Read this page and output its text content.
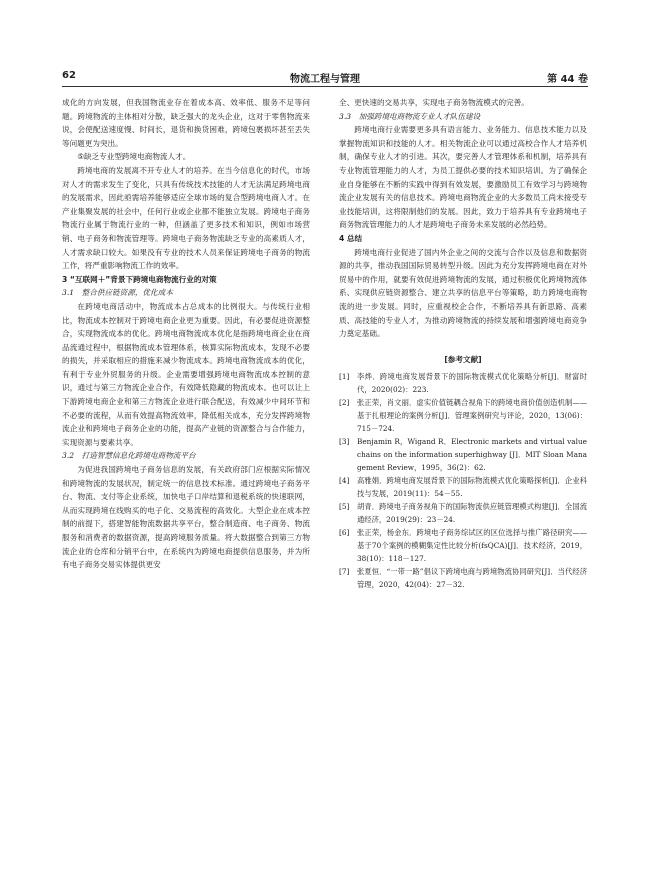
62	物流工程与管理	第 44 卷

成化的方向发展，但我国物流业存在着成本高、效率低、服务不足等问题。跨境物流的主体相对分散，缺乏强大的龙头企业，这对于零售物流来说，会使配送速度慢、时间长，退货和换货困难，跨境包裹损坏甚至丢失等问题更为突出。

⑤缺乏专业型跨境电商物流人才。

跨境电商的发展离不开专业人才的培养。在当今信息化的时代，市场对人才的需求发生了变化，只具有传统技术技能的人才无法满足跨境电商的发展需求，因此亟需培养能够适应全球市场的复合型跨境电商人才。在产业集聚发展的社会中，任何行业或企业都不能独立发展。跨境电子商务物流行业属于物流行业的一种，但涵盖了更多技术和知识，例如市场营销、电子商务和物流管理等。跨境电子商务物流缺乏专业的高素质人才，人才需求缺口较大。如果没有专业的技术人员来保证跨境电子商务的物流工作，将严重影响物流工作的效率。

3 “互联网＋”背景下跨境电商物流行业的对策

3.1　整合供应链资源，优化成本

在跨境电商活动中，物流成本占总成本的比例很大。与传统行业相比，物流成本控制对于跨境电商企业更为重要。因此，有必要促进资源整合，实现物流成本的优化。跨境电商物流成本优化是指跨境电商企业在商品流通过程中，根据物流成本管理体系，核算实际物流成本，发现不必要的损失，并采取相应的措施来减少物流成本。跨境电商物流成本的优化，有利于专业外贸服务的升级。企业需要增强跨境电商物流成本控制的意识，通过与第三方物流企业合作，有效降低隐藏的物流成本。也可以让上下游跨境电商企业和第三方物流企业进行联合配送，有效减少中间环节和不必要的流程，从而有效提高物流效率，降低相关成本，充分发挥跨境物流企业和跨境电子商务企业的功能，提高产业链的资源整合与合作能力，实现资源与要素共享。

3.2　打造智慧信息化跨境电商物流平台

为促进我国跨境电子商务信息的发展，有关政府部门应根据实际情况和跨境物流的发展状况，制定统一的信息技术标准。通过跨境电子商务平台、物流、支付等企业系统，加快电子口岸结算和退税系统的快速联网，从而实现跨境在线购买的电子化、交易流程的高效化。大型企业在成本控制的前提下，搭建智能物流数据共享平台，整合制造商、电子商务、物流服务和消费者的数据资源，提高跨境服务质量。将大数据整合到第三方物流企业的仓库和分销平台中，在系统内为跨境电商提供信息服务，并为所有电子商务交易实体提供更安

全、更快速的交易共享，实现电子商务物流模式的完善。

3.3　加强跨境电商物流专业人才队伍建设

跨境电商行业需要更多具有语言能力、业务能力、信息技术能力以及掌握物流知识和技能的人才。相关物流企业可以通过高校合作人才培养机制，确保专业人才的引进。其次，要完善人才管理体系和机制，培养具有专业物流管理能力的人才，为员工提供必要的技术知识培训。为了确保企业自身能够在不断的实践中得到有效发展，要激励员工有效学习与跨境物流企业发展有关的信息技术。跨境电商物流企业的大多数员工尚未接受专业技能培训，这将限制他们的发展。因此，致力于培养具有专业跨境电子商务物流管理能力的人才是跨境电子商务未来发展的必然趋势。

4 总结

跨境电商行业促进了国内外企业之间的交流与合作以及信息和数据资源的共享，推动我国国际贸易转型升级。因此为充分发挥跨境电商在对外贸易中的作用，就要有效促进跨境物流的发展，通过积极优化跨境物流体系、实现供应链资源整合、建立共享的信息平台等策略，助力跨境电商物流的进一步发展。同时，应重视校企合作，不断培养具有新思路、高素质、高技能的专业人才，为推动跨境物流的持续发展和增强跨境电商竞争力奠定基础。

[参考文献]
[1]	李烨．跨境电商发展背景下的国际物流模式优化策略分析[J]．财富时代，2020(02)：223.
[2]	张正荣，肖文丽．虚实价值链耦合视角下的跨境电商价值创造机制——基于扎根理论的案例分析[J]．管理案例研究与评论，2020，13(06)：715－724.
[3]	Benjamin R，Wigand R．Electronic markets and virtual value chains on the information superhighway [J]．MIT Sloan Management Review，1995，36(2)：62.
[4]	高雅娟．跨境电商发展背景下的国际物流模式优化策略探析[J]．企业科技与发展，2019(11)：54－55.
[5]	胡青．跨境电子商务视角下的国际物流供应链管理模式构建[J]．全国流通经济，2019(29)：23－24.
[6]	张正荣，杨金东．跨境电子商务综试区的区位选择与推广路径研究——基于70个案例的模糊集定性比较分析(fsQCA)[J]．技术经济，2019，38(10)：118－127.
[7]	张夏恒．“一带一路”倡议下跨境电商与跨境物流协同研究[J]．当代经济管理，2020，42(04)：27－32.
